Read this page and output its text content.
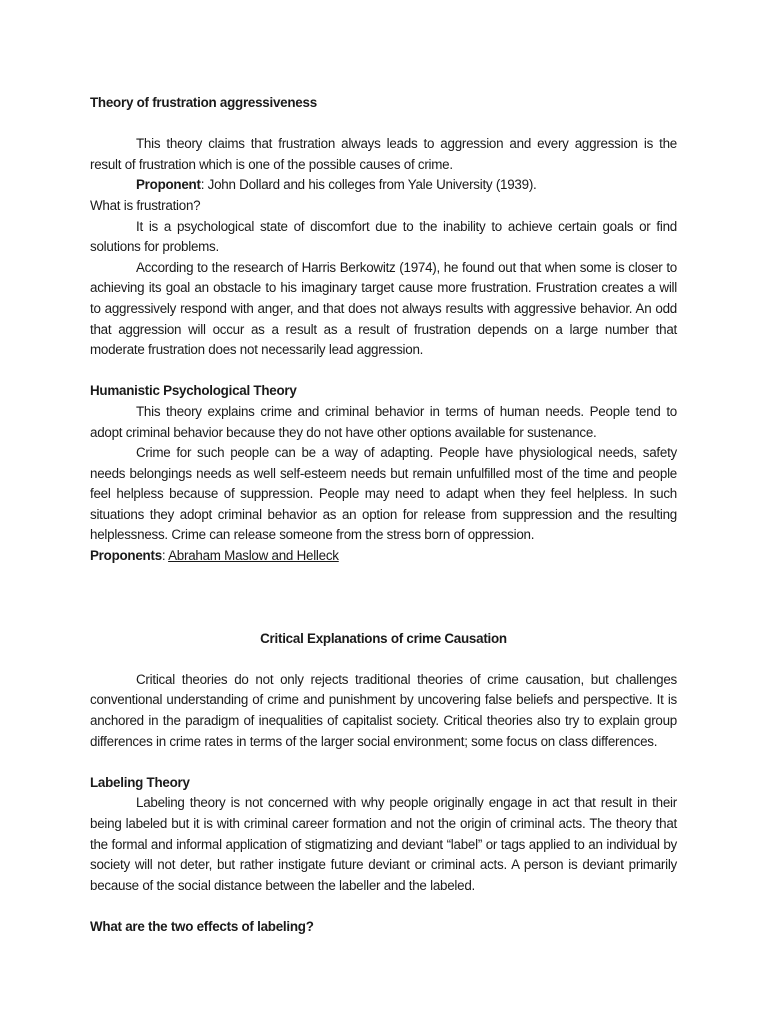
Theory of frustration aggressiveness

This theory claims that frustration always leads to aggression and every aggression is the result of frustration which is one of the possible causes of crime.

Proponent: John Dollard and his colleges from Yale University (1939).

What is frustration?

It is a psychological state of discomfort due to the inability to achieve certain goals or find solutions for problems.

According to the research of Harris Berkowitz (1974), he found out that when some is closer to achieving its goal an obstacle to his imaginary target cause more frustration. Frustration creates a will to aggressively respond with anger, and that does not always results with aggressive behavior. An odd that aggression will occur as a result as a result of frustration depends on a large number that moderate frustration does not necessarily lead aggression.

Humanistic Psychological Theory

This theory explains crime and criminal behavior in terms of human needs. People tend to adopt criminal behavior because they do not have other options available for sustenance.

Crime for such people can be a way of adapting. People have physiological needs, safety needs belongings needs as well self-esteem needs but remain unfulfilled most of the time and people feel helpless because of suppression. People may need to adapt when they feel helpless. In such situations they adopt criminal behavior as an option for release from suppression and the resulting helplessness. Crime can release someone from the stress born of oppression.

Proponents: Abraham Maslow and Helleck

Critical Explanations of crime Causation

Critical theories do not only rejects traditional theories of crime causation, but challenges conventional understanding of crime and punishment by uncovering false beliefs and perspective. It is anchored in the paradigm of inequalities of capitalist society. Critical theories also try to explain group differences in crime rates in terms of the larger social environment; some focus on class differences.

Labeling Theory

Labeling theory is not concerned with why people originally engage in act that result in their being labeled but it is with criminal career formation and not the origin of criminal acts. The theory that the formal and informal application of stigmatizing and deviant “label” or tags applied to an individual by society will not deter, but rather instigate future deviant or criminal acts. A person is deviant primarily because of the social distance between the labeller and the labeled.

What are the two effects of labeling?
